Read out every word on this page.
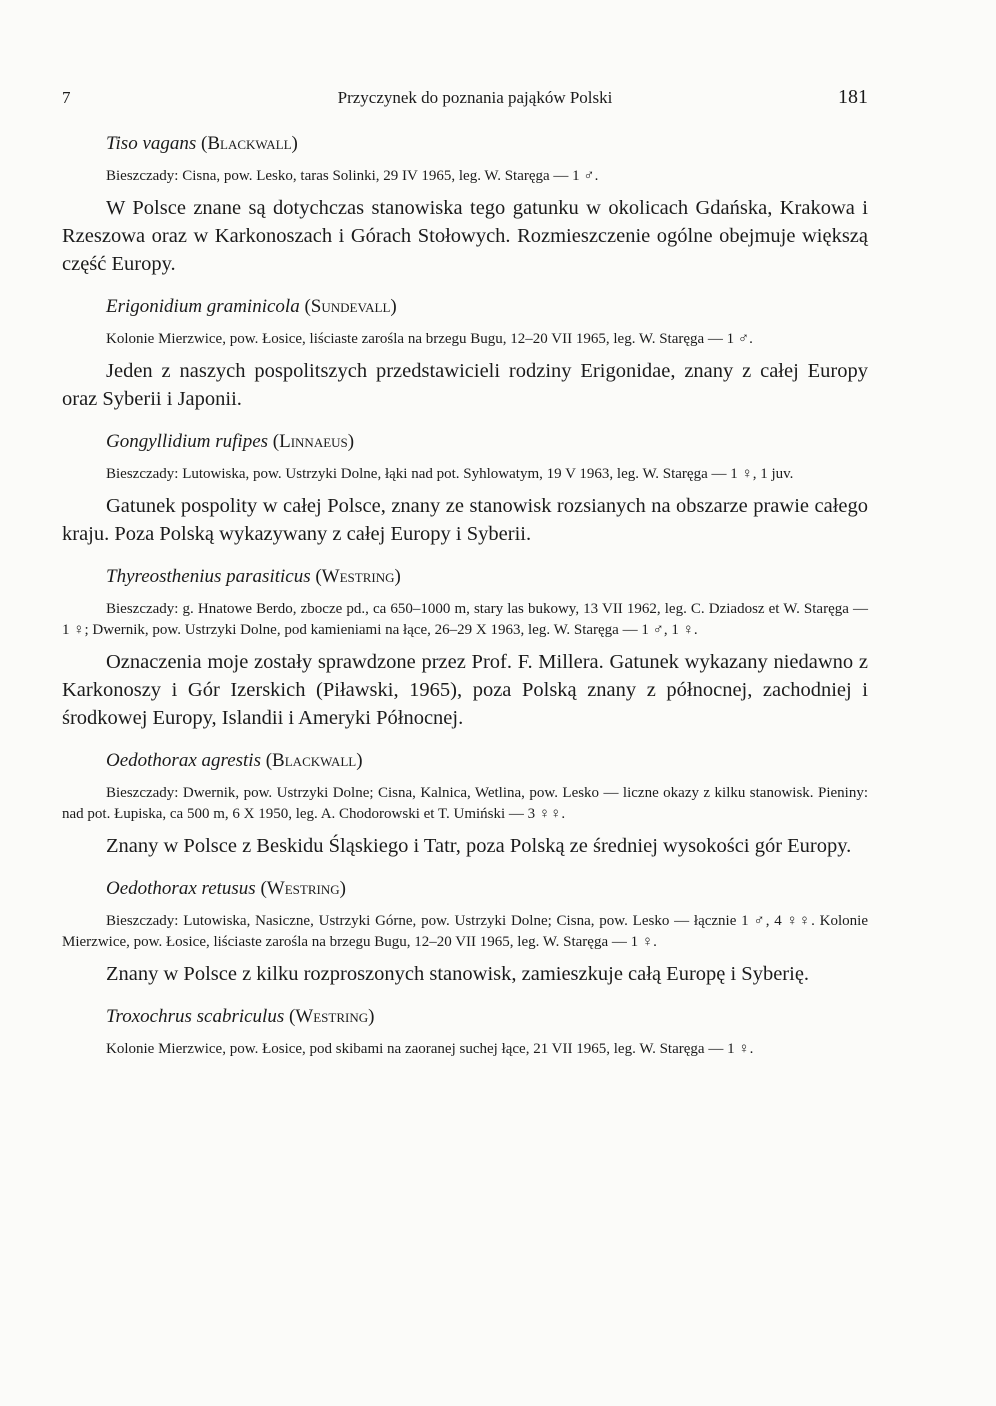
7	Przyczynek do poznania pająków Polski	181

Tiso vagans (Blackwall)

Bieszczady: Cisna, pow. Lesko, taras Solinki, 29 IV 1965, leg. W. Staręga — 1 ♂.

W Polsce znane są dotychczas stanowiska tego gatunku w okolicach Gdańska, Krakowa i Rzeszowa oraz w Karkonoszach i Górach Stołowych. Rozmieszczenie ogólne obejmuje większą część Europy.

Erigonidium graminicola (Sundevall)

Kolonie Mierzwice, pow. Łosice, liściaste zarośla na brzegu Bugu, 12–20 VII 1965, leg. W. Staręga — 1 ♂.

Jeden z naszych pospolitszych przedstawicieli rodziny Erigonidae, znany z całej Europy oraz Syberii i Japonii.

Gongyllidium rufipes (Linnaeus)

Bieszczady: Lutowiska, pow. Ustrzyki Dolne, łąki nad pot. Syhlowatym, 19 V 1963, leg. W. Staręga — 1 ♀, 1 juv.

Gatunek pospolity w całej Polsce, znany ze stanowisk rozsianych na obszarze prawie całego kraju. Poza Polską wykazywany z całej Europy i Syberii.

Thyreosthenius parasiticus (Westring)

Bieszczady: g. Hnatowe Berdo, zbocze pd., ca 650–1000 m, stary las bukowy, 13 VII 1962, leg. C. Dziadosz et W. Staręga — 1 ♀; Dwernik, pow. Ustrzyki Dolne, pod kamieniami na łące, 26–29 X 1963, leg. W. Staręga — 1 ♂, 1 ♀.

Oznaczenia moje zostały sprawdzone przez Prof. F. Millera. Gatunek wykazany niedawno z Karkonoszy i Gór Izerskich (Piławski, 1965), poza Polską znany z północnej, zachodniej i środkowej Europy, Islandii i Ameryki Północnej.

Oedothorax agrestis (Blackwall)

Bieszczady: Dwernik, pow. Ustrzyki Dolne; Cisna, Kalnica, Wetlina, pow. Lesko — liczne okazy z kilku stanowisk. Pieniny: nad pot. Łupiska, ca 500 m, 6 X 1950, leg. A. Chodorowski et T. Umiński — 3 ♀♀.

Znany w Polsce z Beskidu Śląskiego i Tatr, poza Polską ze średniej wysokości gór Europy.

Oedothorax retusus (Westring)

Bieszczady: Lutowiska, Nasiczne, Ustrzyki Górne, pow. Ustrzyki Dolne; Cisna, pow. Lesko — łącznie 1 ♂, 4 ♀♀. Kolonie Mierzwice, pow. Łosice, liściaste zarośla na brzegu Bugu, 12–20 VII 1965, leg. W. Staręga — 1 ♀.

Znany w Polsce z kilku rozproszonych stanowisk, zamieszkuje całą Europę i Syberię.

Troxochrus scabriculus (Westring)

Kolonie Mierzwice, pow. Łosice, pod skibami na zaoranej suchej łące, 21 VII 1965, leg. W. Staręga — 1 ♀.
